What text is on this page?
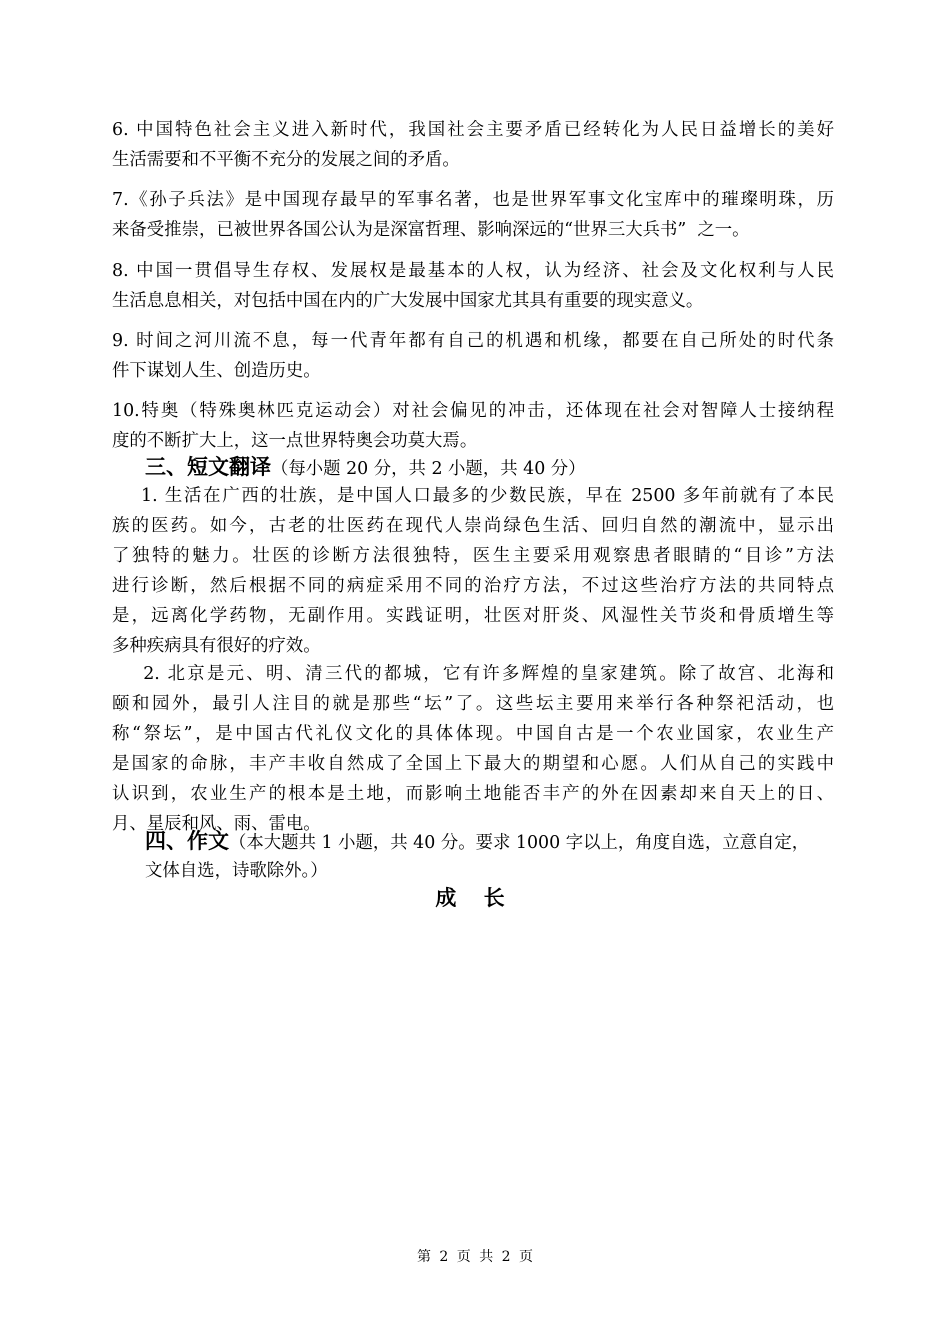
6. 中国特色社会主义进入新时代，我国社会主要矛盾已经转化为人民日益增长的美好
生活需要和不平衡不充分的发展之间的矛盾。
7.《孙子兵法》是中国现存最早的军事名著，也是世界军事文化宝库中的璀璨明珠，历
来备受推崇，已被世界各国公认为是深富哲理、影响深远的“世界三大兵书”  之一。
8. 中国一贯倡导生存权、发展权是最基本的人权，认为经济、社会及文化权利与人民
生活息息相关，对包括中国在内的广大发展中国家尤其具有重要的现实意义。
9. 时间之河川流不息，每一代青年都有自己的机遇和机缘，都要在自己所处的时代条
件下谋划人生、创造历史。
10.特奥（特殊奥林匹克运动会）对社会偏见的冲击，还体现在社会对智障人士接纳程
度的不断扩大上，这一点世界特奥会功莫大焉。
三、短文翻译（每小题 20 分，共 2 小题，共 40 分）
1. 生活在广西的壮族，是中国人口最多的少数民族，早在 2500 多年前就有了本民
族的医药。如今，古老的壮医药在现代人崇尚绿色生活、回归自然的潮流中，显示出
了独特的魅力。壮医的诊断方法很独特，医生主要采用观察患者眼睛的“目诊”方法
进行诊断，然后根据不同的病症采用不同的治疗方法，不过这些治疗方法的共同特点
是，远离化学药物，无副作用。实践证明，壮医对肝炎、风湿性关节炎和骨质增生等
多种疾病具有很好的疗效。
2. 北京是元、明、清三代的都城，它有许多辉煌的皇家建筑。除了故宫、北海和
颐和园外，最引人注目的就是那些“坛”了。这些坛主要用来举行各种祭祀活动，也
称“祭坛”，是中国古代礼仪文化的具体体现。中国自古是一个农业国家，农业生产
是国家的命脉，丰产丰收自然成了全国上下最大的期望和心愿。人们从自己的实践中
认识到，农业生产的根本是土地，而影响土地能否丰产的外在因素却来自天上的日、
月、星辰和风、雨、雷电。
四、作文（本大题共 1 小题，共 40 分。要求 1000 字以上，角度自选，立意自定，
文体自选，诗歌除外。）
成 长
第 2 页 共 2 页
